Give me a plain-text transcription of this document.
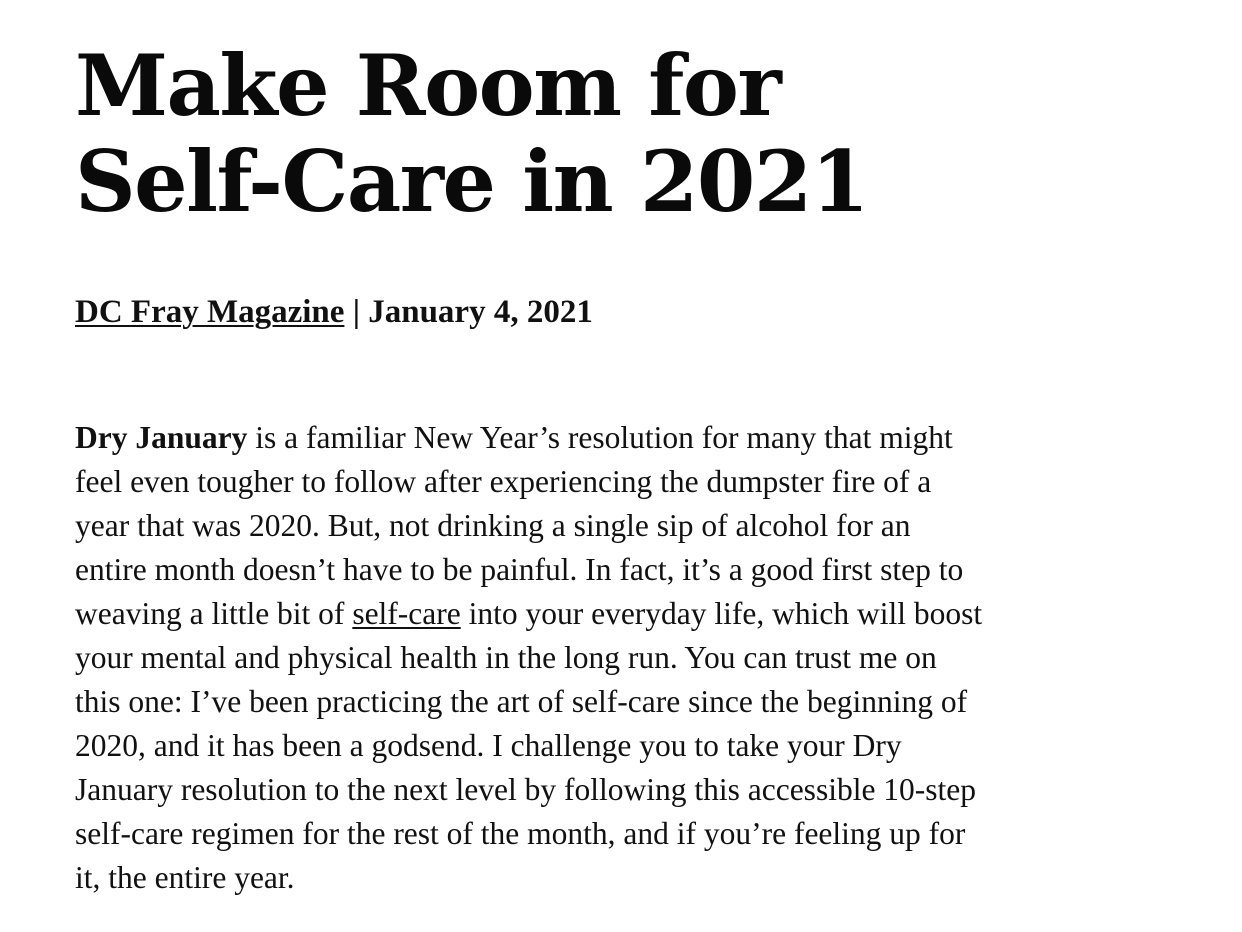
Make Room for
Self-Care in 2021
DC Fray Magazine | January 4, 2021

Dry January is a familiar New Year’s resolution for many that might
feel even tougher to follow after experiencing the dumpster fire of a
year that was 2020. But, not drinking a single sip of alcohol for an
entire month doesn’t have to be painful. In fact, it’s a good first step to
weaving a little bit of self-care into your everyday life, which will boost
your mental and physical health in the long run. You can trust me on
this one: I’ve been practicing the art of self-care since the beginning of
2020, and it has been a godsend. I challenge you to take your Dry
January resolution to the next level by following this accessible 10-step
self-care regimen for the rest of the month, and if you’re feeling up for
it, the entire year.
